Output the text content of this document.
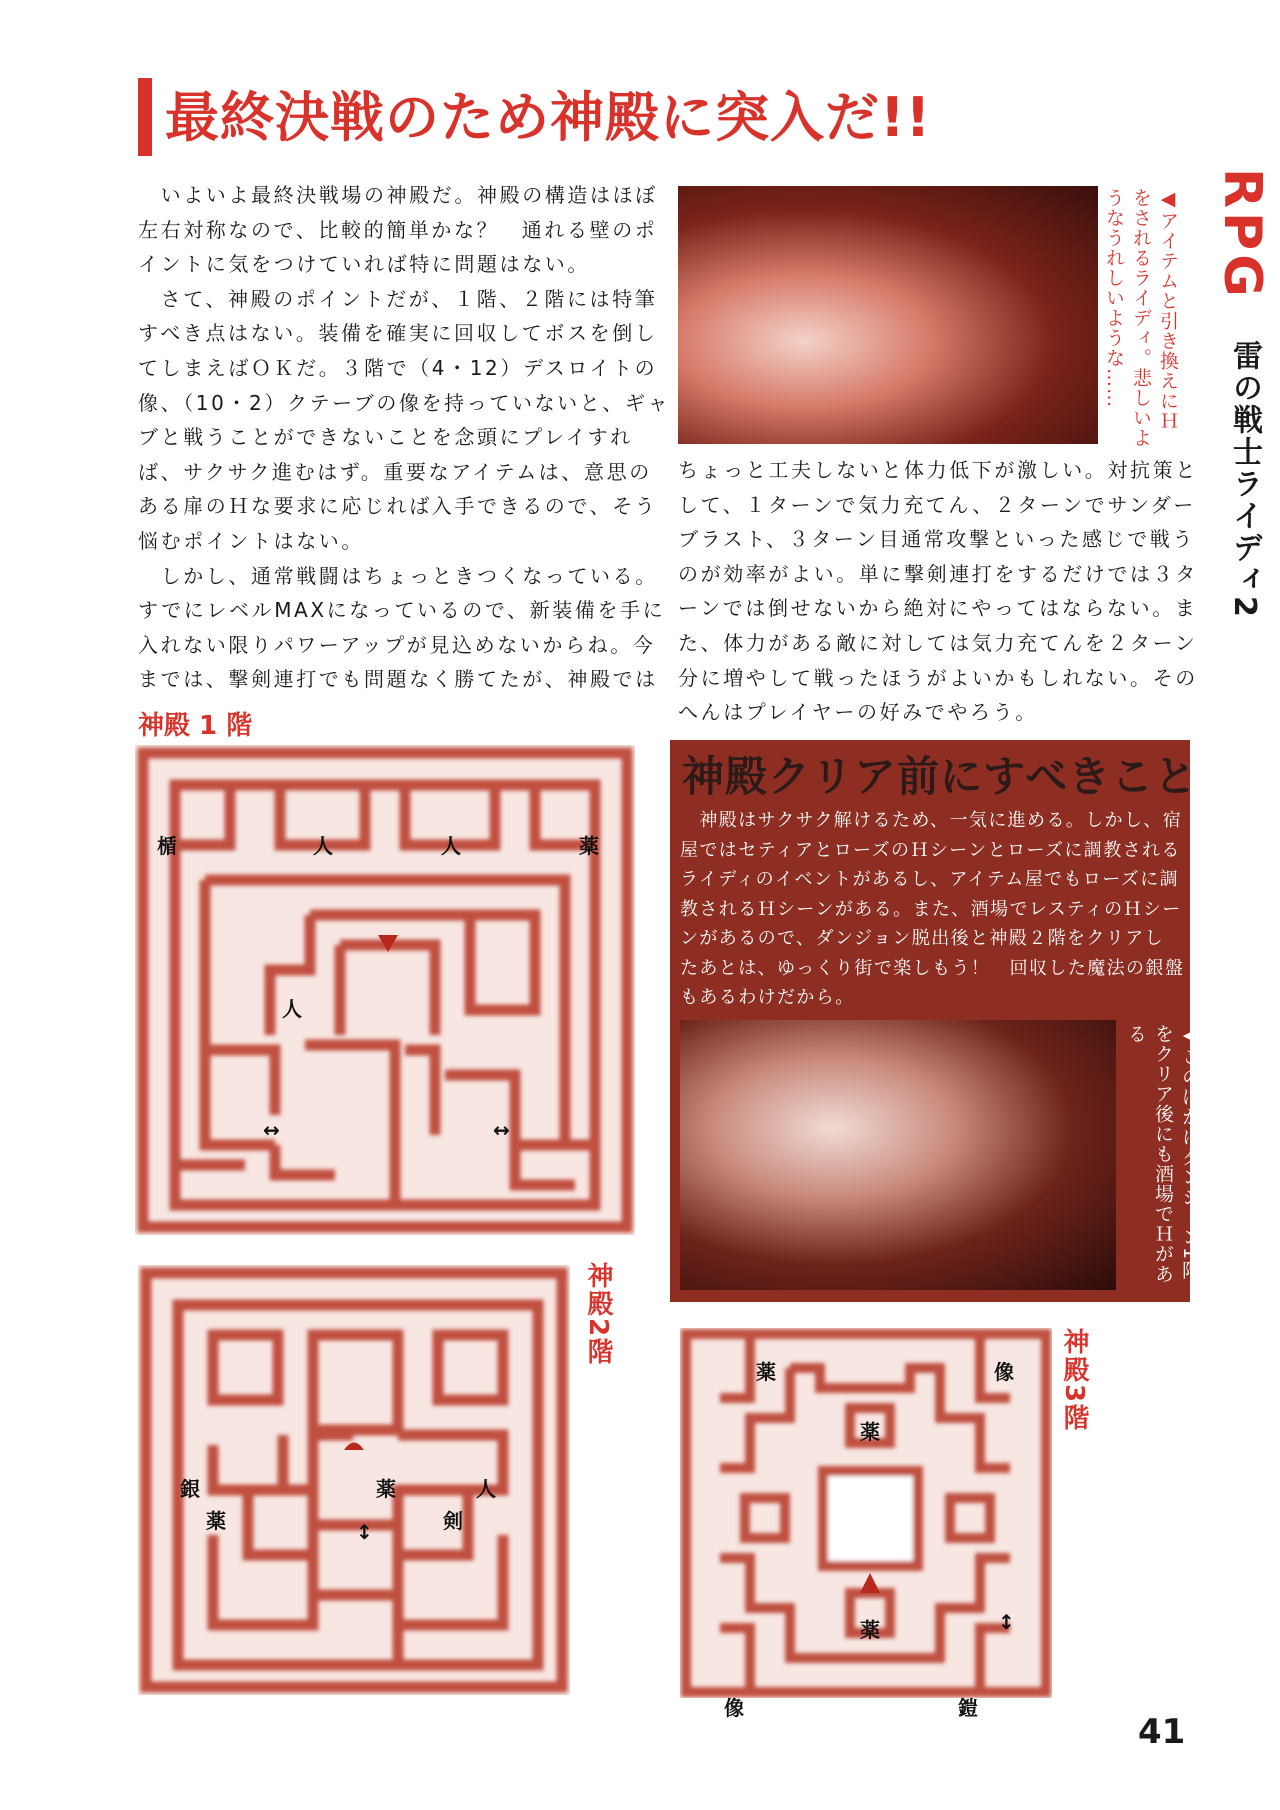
最終決戦のため神殿に突入だ!!
　いよいよ最終決戦場の神殿だ。神殿の構造はほぼ
左右対称なので、比較的簡単かな？　通れる壁のポ
イントに気をつけていれば特に問題はない。
　さて、神殿のポイントだが、１階、２階には特筆
すべき点はない。装備を確実に回収してボスを倒し
てしまえばＯＫだ。３階で（4・12）デスロイトの
像、（10・2）クテーブの像を持っていないと、ギャ
ブと戦うことができないことを念頭にプレイすれ
ば、サクサク進むはず。重要なアイテムは、意思の
ある扉のＨな要求に応じれば入手できるので、そう
悩むポイントはない。
　しかし、通常戦闘はちょっときつくなっている。
すでにレベルMAXになっているので、新装備を手に
入れない限りパワーアップが見込めないからね。今
までは、撃剣連打でも問題なく勝てたが、神殿では
神殿 1 階
◀アイテムと引き換えにＨをされるライディ。悲しいようなうれしいような……	RPG
雷の戦士ライディ2
ちょっと工夫しないと体力低下が激しい。対抗策と
して、１ターンで気力充てん、２ターンでサンダー
ブラスト、３ターン目通常攻撃といった感じで戦う
のが効率がよい。単に撃剣連打をするだけでは３タ
ーンでは倒せないから絶対にやってはならない。ま
た、体力がある敵に対しては気力充てんを２ターン
分に増やして戦ったほうがよいかもしれない。その
へんはプレイヤーの好みでやろう。
神殿クリア前にすべきこと
　神殿はサクサク解けるため、一気に進める。しかし、宿
屋ではセティアとローズのＨシーンとローズに調教される
ライディのイベントがあるし、アイテム屋でもローズに調
教されるＨシーンがある。また、酒場でレスティのＨシー
ンがあるので、ダンジョン脱出後と神殿２階をクリアし
たあとは、ゆっくり街で楽しもう！　回収した魔法の銀盤
もあるわけだから。
◀このほかにダンジョン1階をクリア後にも酒場でＨがある
楯	人	人	薬
人
↔	↔
銀
薬
薬	人
剣
↕
神殿2階
薬	像
薬
薬
像	鎧
↕
神殿3階
41
